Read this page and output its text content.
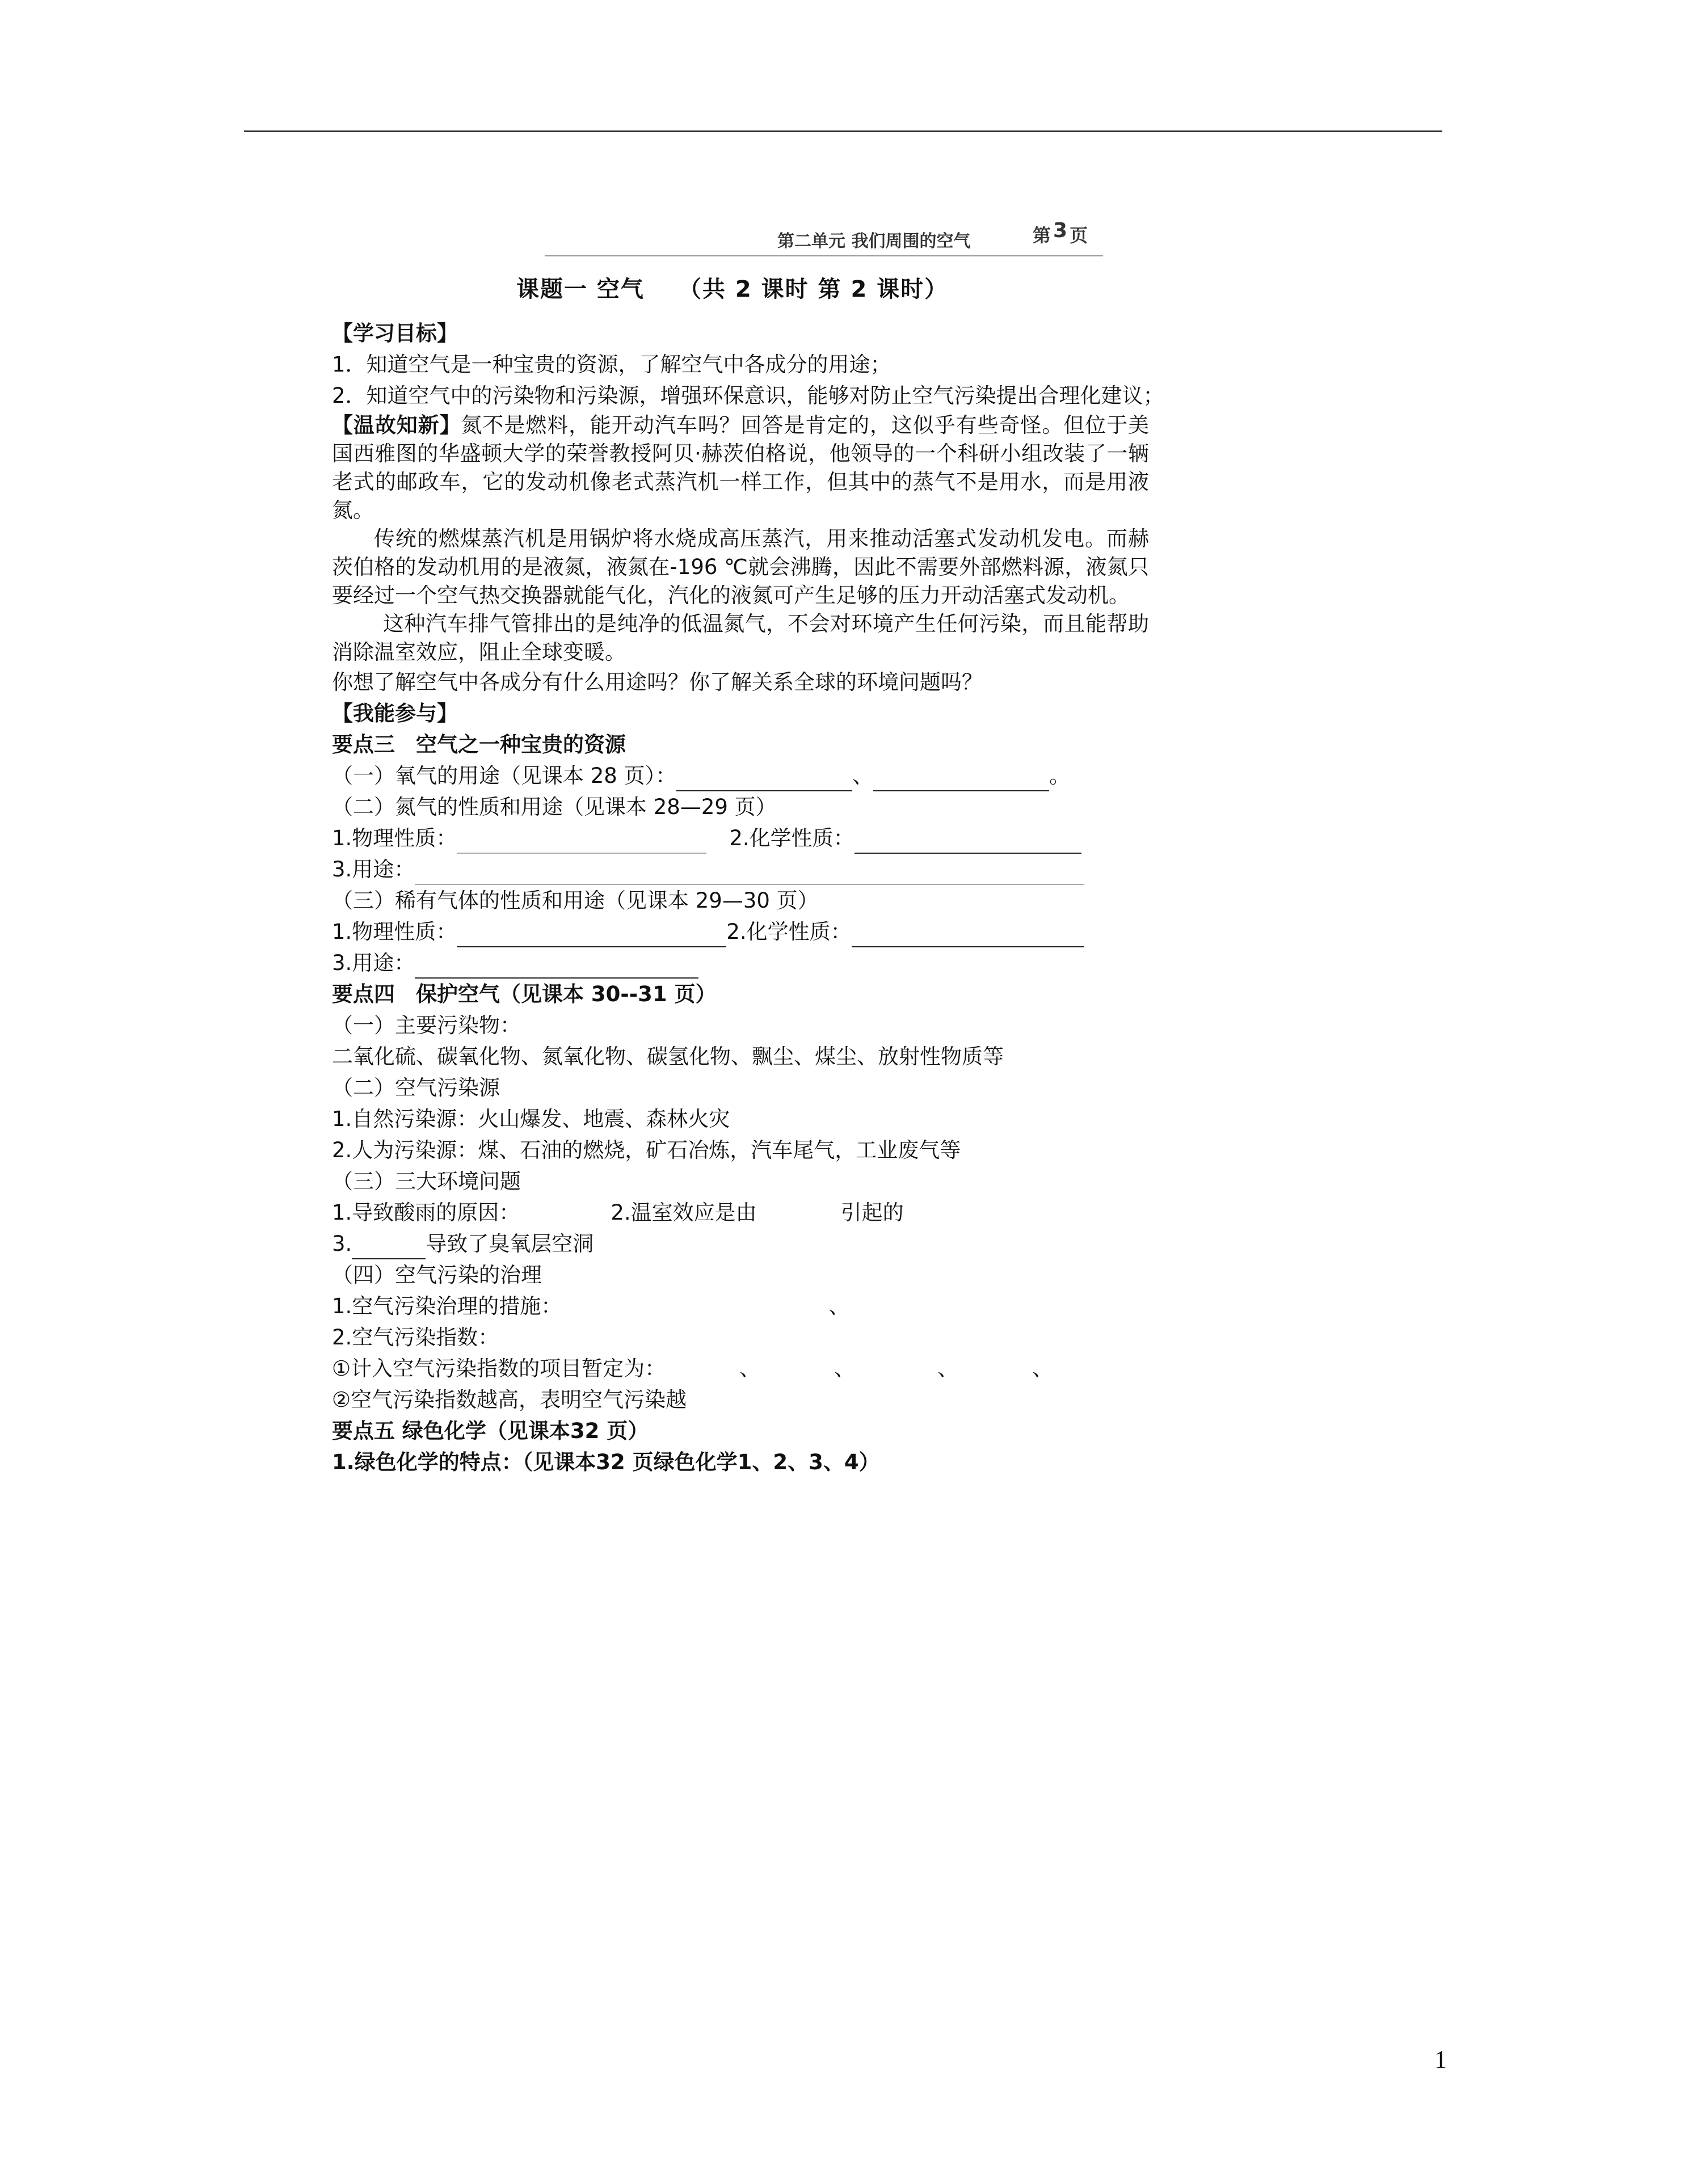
第二单元 我们周围的空气	第 3 页
课题一 空气 （共 2 课时 第 2 课时）
【学习目标】
1．知道空气是一种宝贵的资源，了解空气中各成分的用途；
2．知道空气中的污染物和污染源，增强环保意识，能够对防止空气污染提出合理化建议；
【温故知新】氮不是燃料，能开动汽车吗？回答是肯定的，这似乎有些奇怪。但位于美国西雅图的华盛顿大学的荣誉教授阿贝·赫茨伯格说，他领导的一个科研小组改装了一辆老式的邮政车，它的发动机像老式蒸汽机一样工作，但其中的蒸气不是用水，而是用液氮。
传统的燃煤蒸汽机是用锅炉将水烧成高压蒸汽，用来推动活塞式发动机发电。而赫茨伯格的发动机用的是液氮，液氮在-196 ℃就会沸腾，因此不需要外部燃料源，液氮只要经过一个空气热交换器就能气化，汽化的液氮可产生足够的压力开动活塞式发动机。
这种汽车排气管排出的是纯净的低温氮气，不会对环境产生任何污染，而且能帮助消除温室效应，阻止全球变暖。
你想了解空气中各成分有什么用途吗？你了解关系全球的环境问题吗？
【我能参与】
要点三　空气之一种宝贵的资源
（一）氧气的用途（见课本 28 页）：	、	。
（二）氮气的性质和用途（见课本 28—29 页）
1.物理性质：	2.化学性质：
3.用途：
（三）稀有气体的性质和用途（见课本 29—30 页）
1.物理性质：	2.化学性质：
3.用途：
要点四　保护空气（见课本 30--31 页）
（一）主要污染物：
二氧化硫、碳氧化物、氮氧化物、碳氢化物、飘尘、煤尘、放射性物质等
（二）空气污染源
1.自然污染源：火山爆发、地震、森林火灾
2.人为污染源：煤、石油的燃烧，矿石冶炼，汽车尾气，工业废气等
（三）三大环境问题
1.导致酸雨的原因：	2.温室效应是由	引起的
3.	导致了臭氧层空洞
（四）空气污染的治理
1.空气污染治理的措施：	、
2.空气污染指数：
①计入空气污染指数的项目暂定为：	、	、	、	、
②空气污染指数越高，表明空气污染越
要点五 绿色化学（见课本32 页）
1.绿色化学的特点：（见课本32 页绿色化学1、2、3、4）
1
